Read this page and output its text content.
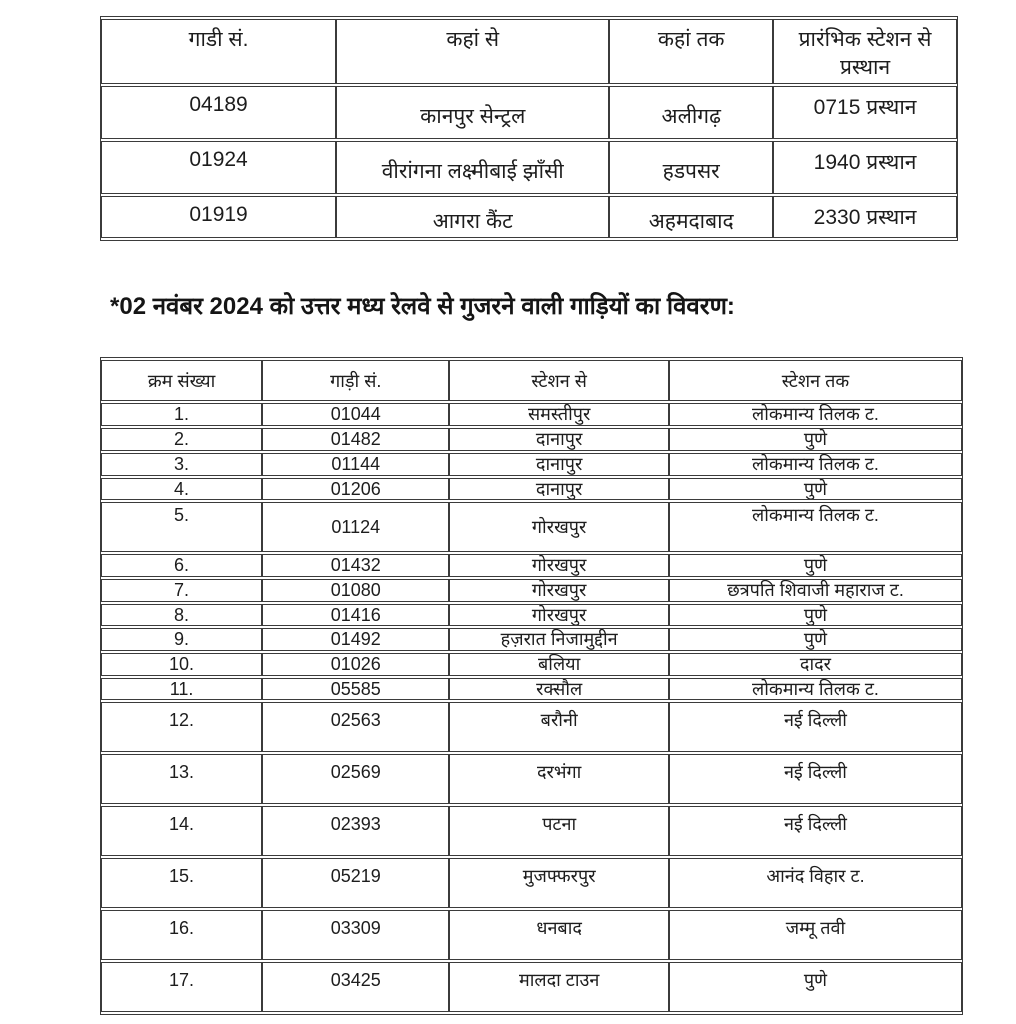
गाडी सं.	कहां से	कहां तक	प्रारंभिक स्टेशन से प्रस्थान
04189	कानपुर सेन्ट्रल	अलीगढ़	0715 प्रस्थान
01924	वीरांगना लक्ष्मीबाई झाँसी	हडपसर	1940 प्रस्थान
01919	आगरा कैंट	अहमदाबाद	2330 प्रस्थान
*02 नवंबर 2024 को उत्तर मध्य रेलवे से गुजरने वाली गाड़ियों का विवरण:
क्रम संख्या	गाड़ी सं.	स्टेशन से	स्टेशन तक
1.	01044	समस्तीपुर	लोकमान्य तिलक ट.
2.	01482	दानापुर	पुणे
3.	01144	दानापुर	लोकमान्य तिलक ट.
4.	01206	दानापुर	पुणे
5.	01124	गोरखपुर	लोकमान्य तिलक ट.
6.	01432	गोरखपुर	पुणे
7.	01080	गोरखपुर	छत्रपति शिवाजी महाराज ट.
8.	01416	गोरखपुर	पुणे
9.	01492	हज़रात निजामुद्दीन	पुणे
10.	01026	बलिया	दादर
11.	05585	रक्सौल	लोकमान्य तिलक ट.
12.	02563	बरौनी	नई दिल्ली
13.	02569	दरभंगा	नई दिल्ली
14.	02393	पटना	नई दिल्ली
15.	05219	मुजफ्फरपुर	आनंद विहार ट.
16.	03309	धनबाद	जम्मू तवी
17.	03425	मालदा टाउन	पुणे
